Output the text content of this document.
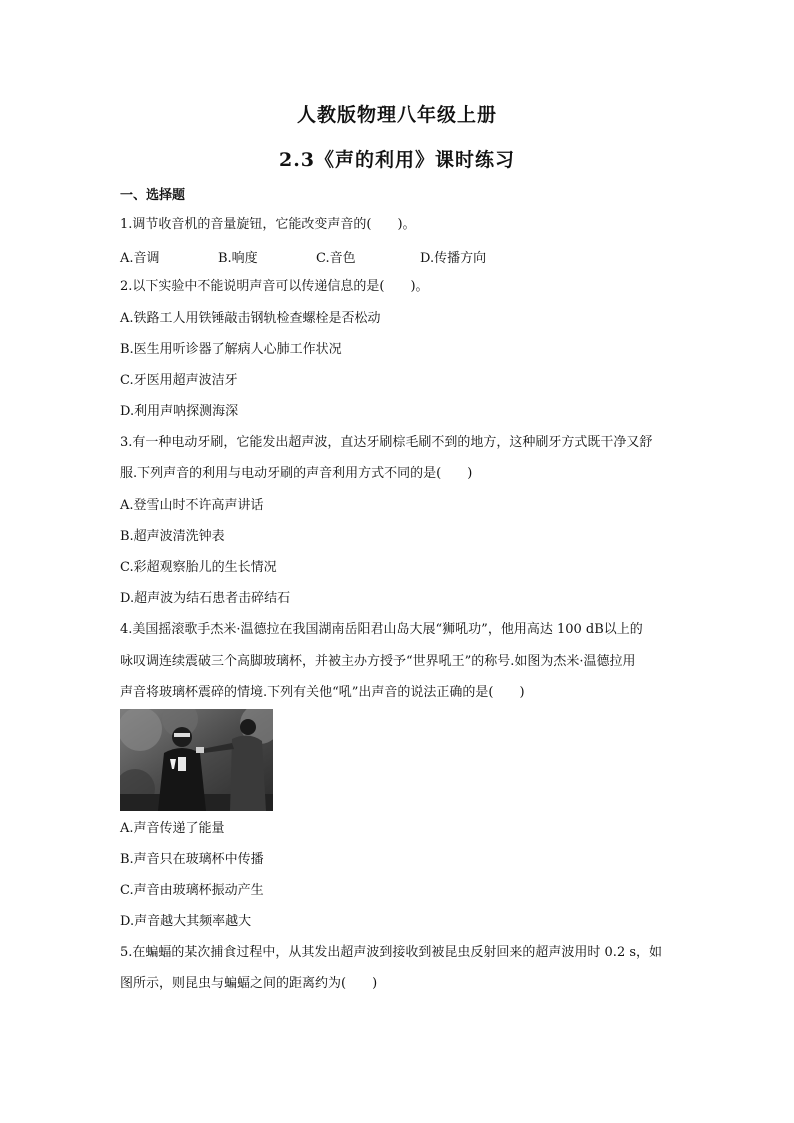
人教版物理八年级上册
2.3《声的利用》课时练习
一、选择题
1.调节收音机的音量旋钮，它能改变声音的(　　)。
A.音调	B.响度	C.音色	D.传播方向
2.以下实验中不能说明声音可以传递信息的是(　　)。
A.铁路工人用铁锤敲击钢轨检查螺栓是否松动
B.医生用听诊器了解病人心肺工作状况
C.牙医用超声波洁牙
D.利用声呐探测海深
3.有一种电动牙刷，它能发出超声波，直达牙刷棕毛刷不到的地方，这种刷牙方式既干净又舒
服.下列声音的利用与电动牙刷的声音利用方式不同的是(　　)
A.登雪山时不许高声讲话
B.超声波清洗钟表
C.彩超观察胎儿的生长情况
D.超声波为结石患者击碎结石
4.美国摇滚歌手杰米·温德拉在我国湖南岳阳君山岛大展“狮吼功”，他用高达 100 dB以上的
咏叹调连续震破三个高脚玻璃杯，并被主办方授予“世界吼王”的称号.如图为杰米·温德拉用
声音将玻璃杯震碎的情境.下列有关他“吼”出声音的说法正确的是(　　)
A.声音传递了能量
B.声音只在玻璃杯中传播
C.声音由玻璃杯振动产生
D.声音越大其频率越大
5.在蝙蝠的某次捕食过程中，从其发出超声波到接收到被昆虫反射回来的超声波用时 0.2 s，如
图所示，则昆虫与蝙蝠之间的距离约为(　　)
